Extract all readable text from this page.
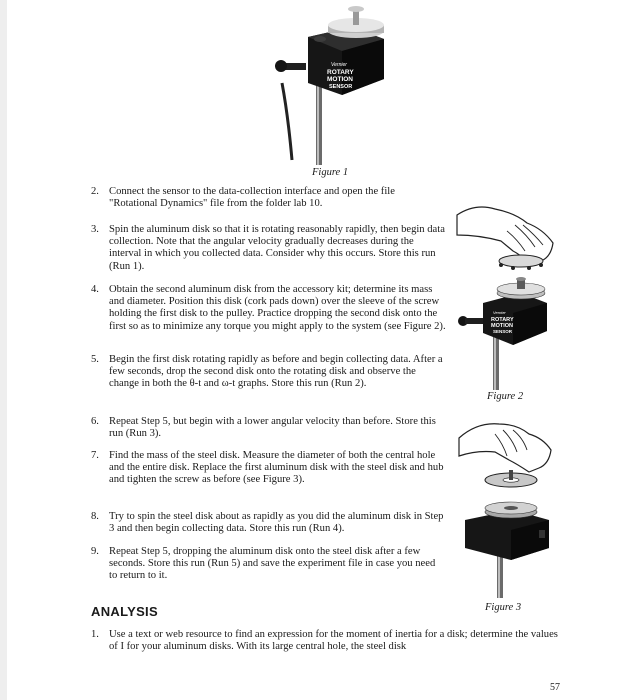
Vernier
ROTARY
MOTION
SENSOR
Figure 1
Vernier
ROTARY
MOTION
SENSOR
Figure 2
Figure 3
2. Connect the sensor to the data-collection interface and open the file "Rotational Dynamics" file from the folder lab 10.
3. Spin the aluminum disk so that it is rotating reasonably rapidly, then begin data collection. Note that the angular velocity gradually decreases during the interval in which you collected data. Consider why this occurs. Store this run (Run 1).
4. Obtain the second aluminum disk from the accessory kit; determine its mass and diameter. Position this disk (cork pads down) over the sleeve of the screw holding the first disk to the pulley. Practice dropping the second disk onto the first so as to minimize any torque you might apply to the system (see Figure 2).
5. Begin the first disk rotating rapidly as before and begin collecting data. After a few seconds, drop the second disk onto the rotating disk and observe the change in both the θ-t and ω-t graphs. Store this run (Run 2).
6. Repeat Step 5, but begin with a lower angular velocity than before. Store this run (Run 3).
7. Find the mass of the steel disk. Measure the diameter of both the central hole and the entire disk. Replace the first aluminum disk with the steel disk and hub and tighten the screw as before (see Figure 3).
8. Try to spin the steel disk about as rapidly as you did the aluminum disk in Step 3 and then begin collecting data. Store this run (Run 4).
9. Repeat Step 5, dropping the aluminum disk onto the steel disk after a few seconds. Store this run (Run 5) and save the experiment file in case you need to return to it.
ANALYSIS
1. Use a text or web resource to find an expression for the moment of inertia for a disk; determine the values of I for your aluminum disks. With its large central hole, the steel disk
57
